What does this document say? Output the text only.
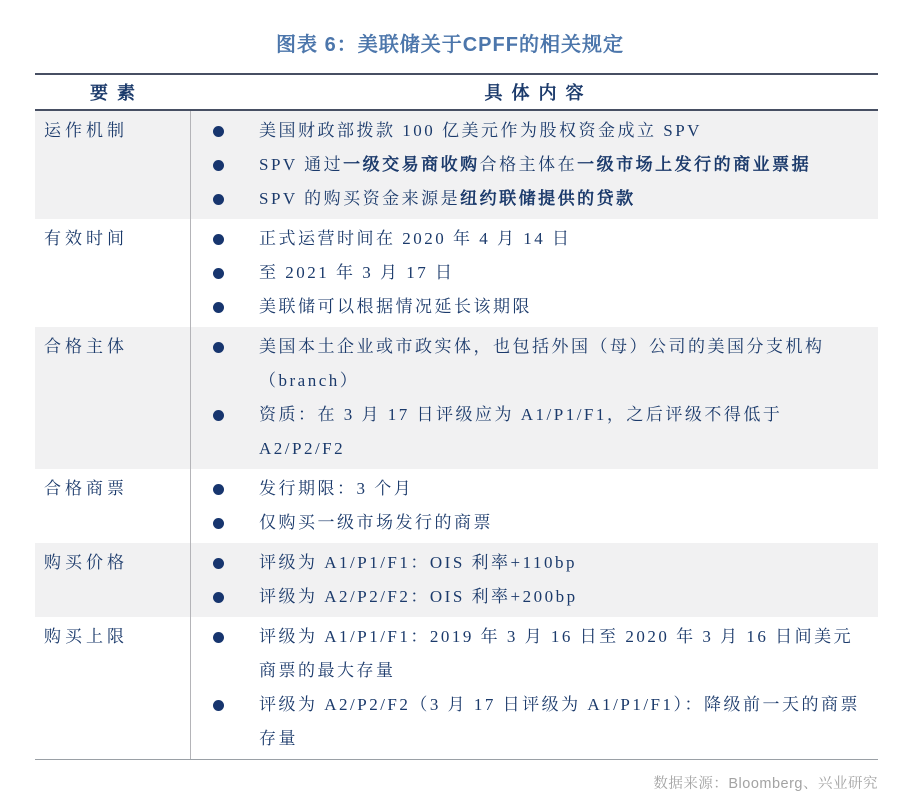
图表 6：美联储关于CPFF的相关规定
要素	具体内容
运作机制	美国财政部拨款 100 亿美元作为股权资金成立 SPV
SPV 通过一级交易商收购合格主体在一级市场上发行的商业票据
SPV 的购买资金来源是纽约联储提供的贷款
有效时间	正式运营时间在 2020 年 4 月 14 日
至 2021 年 3 月 17 日
美联储可以根据情况延长该期限
合格主体	美国本土企业或市政实体，也包括外国（母）公司的美国分支机构（branch）
资质：在 3 月 17 日评级应为 A1/P1/F1，之后评级不得低于 A2/P2/F2
合格商票	发行期限：3 个月
仅购买一级市场发行的商票
购买价格	评级为 A1/P1/F1：OIS 利率+110bp
评级为 A2/P2/F2：OIS 利率+200bp
购买上限	评级为 A1/P1/F1：2019 年 3 月 16 日至 2020 年 3 月 16 日间美元商票的最大存量
评级为 A2/P2/F2（3 月 17 日评级为 A1/P1/F1）：降级前一天的商票存量
数据来源：Bloomberg、兴业研究
